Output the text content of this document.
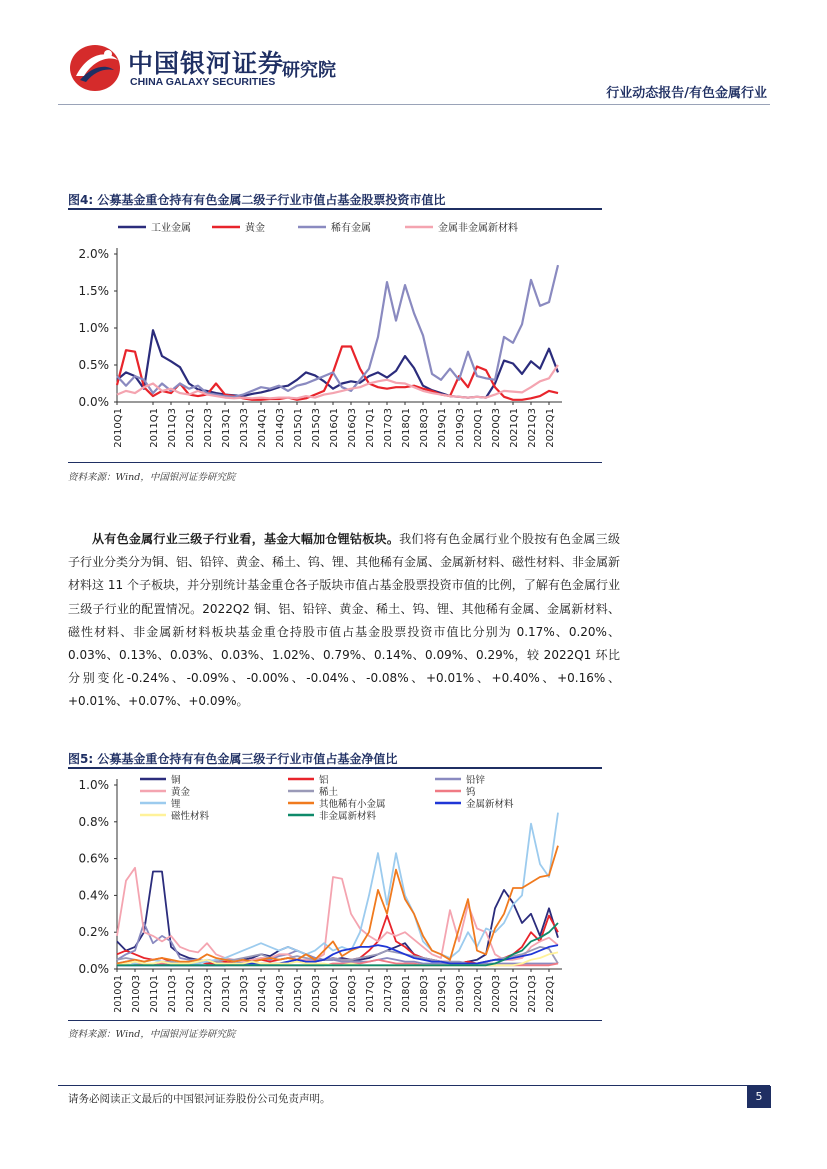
中国银河证券
CHINA GALAXY SECURITIES
研究院
行业动态报告/有色金属行业
图4: 公募基金重仓持有有色金属二级子行业市值占基金股票投资市值比
工业金属	黄金	稀有金属	金属非金属新材料
0.0%
0.5%
1.0%
1.5%
2.0%
2010Q1	2011Q1 2011Q3 2012Q1 2012Q3 2013Q1 2013Q3 2014Q1 2014Q3 2015Q1 2015Q3 2016Q1 2016Q3 2017Q1 2017Q3 2018Q1 2018Q3 2019Q1 2019Q3 2020Q1 2020Q3 2021Q1 2021Q3 2022Q1
资料来源：Wind，中国银河证券研究院

从有色金属行业三级子行业看，基金大幅加仓锂钴板块。我们将有色金属行业个股按有色金属三级子行业分类分为铜、铝、铅锌、黄金、稀土、钨、锂、其他稀有金属、金属新材料、磁性材料、非金属新材料这 11 个子板块，并分别统计基金重仓各子版块市值占基金股票投资市值的比例，了解有色金属行业三级子行业的配置情况。2022Q2 铜、铝、铅锌、黄金、稀土、钨、锂、其他稀有金属、金属新材料、磁性材料、非金属新材料板块基金重仓持股市值占基金股票投资市值比分别为 0.17%、0.20%、0.03%、0.13%、0.03%、0.03%、1.02%、0.79%、0.14%、0.09%、0.29%，较 2022Q1 环比分别变化-0.24%、-0.09%、-0.00%、-0.04%、-0.08%、+0.01%、+0.40%、+0.16%、+0.01%、+0.07%、+0.09%。

图5: 公募基金重仓持有有色金属三级子行业市值占基金净值比
铜	铝	铅锌
黄金	稀土	钨
锂	其他稀有小金属	金属新材料
磁性材料	非金属新材料
0.0%
0.2%
0.4%
0.6%
0.8%
1.0%
2010Q1 2010Q3 2011Q1 2011Q3 2012Q1 2012Q3 2013Q1 2013Q3 2014Q1 2014Q3 2015Q1 2015Q3 2016Q1 2016Q3 2017Q1 2017Q3 2018Q1 2018Q3 2019Q1 2019Q3 2020Q1 2020Q3 2021Q1 2021Q3 2022Q1
资料来源：Wind，中国银河证券研究院
请务必阅读正文最后的中国银河证券股份公司免责声明。	5
